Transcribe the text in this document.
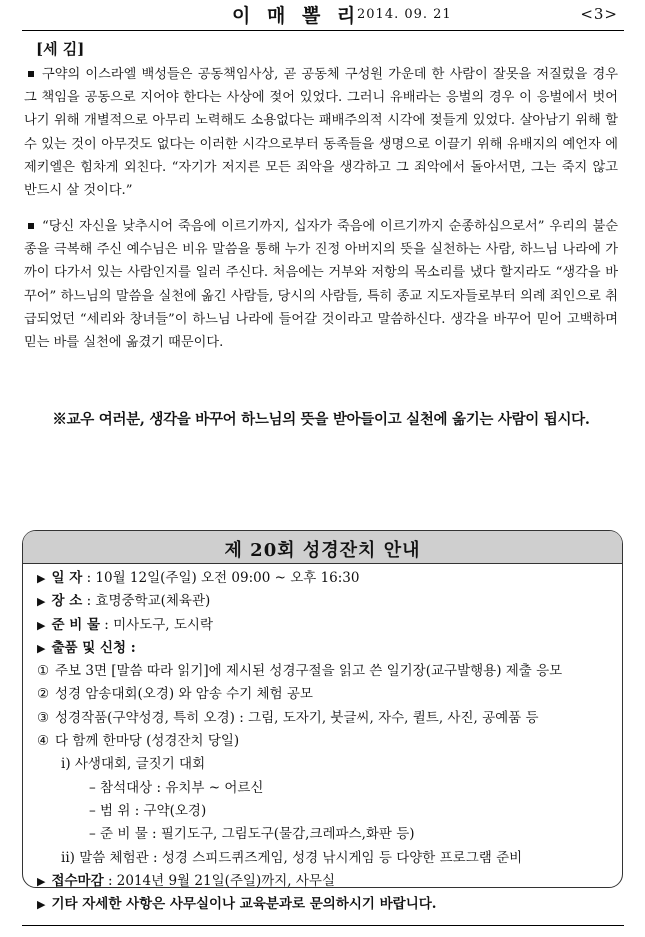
이 매 뽈 리
2014. 09. 21	<3>
[세 김]

구약의 이스라엘 백성들은 공동책임사상, 곧 공동체 구성원 가운데 한 사람이 잘못을 저질렀을 경우 그 책임을 공동으로 지어야 한다는 사상에 젖어 있었다. 그러니 유배라는 응벌의 경우 이 응벌에서 벗어나기 위해 개별적으로 아무리 노력해도 소용없다는 패배주의적 시각에 젖들게 있었다. 살아남기 위해 할 수 있는 것이 아무것도 없다는 이러한 시각으로부터 동족들을 생명으로 이끌기 위해 유배지의 예언자 에제키엘은 힘차게 외친다. “자기가 저지른 모든 죄악을 생각하고 그 죄악에서 돌아서면, 그는 죽지 않고 반드시 살 것이다.”

“당신 자신을 낮추시어 죽음에 이르기까지, 십자가 죽음에 이르기까지 순종하심으로서” 우리의 불순종을 극복해 주신 예수님은 비유 말씀을 통해 누가 진정 아버지의 뜻을 실천하는 사람, 하느님 나라에 가까이 다가서 있는 사람인지를 일러 주신다. 처음에는 거부와 저항의 목소리를 냈다 할지라도 “생각을 바꾸어” 하느님의 말씀을 실천에 옮긴 사람들, 당시의 사람들, 특히 종교 지도자들로부터 의례 죄인으로 취급되었던 “세리와 창녀들”이 하느님 나라에 들어갈 것이라고 말씀하신다. 생각을 바꾸어 믿어 고백하며 믿는 바를 실천에 옮겼기 때문이다.

※교우 여러분, 생각을 바꾸어 하느님의 뜻을 받아들이고 실천에 옮기는 사람이 됩시다.
제 20회 성경잔치 안내
▶ 일 자 : 10월 12일(주일) 오전 09:00 ~ 오후 16:30
▶ 장 소 : 효명중학교(체육관)
▶ 준 비 물 : 미사도구, 도시락
▶ 출품 및 신청 :
① 주보 3면 [말씀 따라 읽기]에 제시된 성경구절을 읽고 쓴 일기장(교구발행용) 제출 응모
② 성경 암송대회(오경) 와 암송 수기 체험 공모
③ 성경작품(구약성경, 특히 오경) : 그림, 도자기, 붓글씨, 자수, 퀼트, 사진, 공예품 등
④ 다 함께 한마당 (성경잔치 당일)
i) 사생대회, 글짓기 대회
– 참석대상 : 유치부 ~ 어르신
– 범 위 : 구약(오경)
– 준 비 물 : 필기도구, 그림도구(물감,크레파스,화판 등)
ii) 말씀 체험관 : 성경 스피드퀴즈게임, 성경 낚시게임 등 다양한 프로그램 준비
▶ 접수마감 : 2014년 9월 21일(주일)까지, 사무실
▶ 기타 자세한 사항은 사무실이나 교육분과로 문의하시기 바랍니다.
